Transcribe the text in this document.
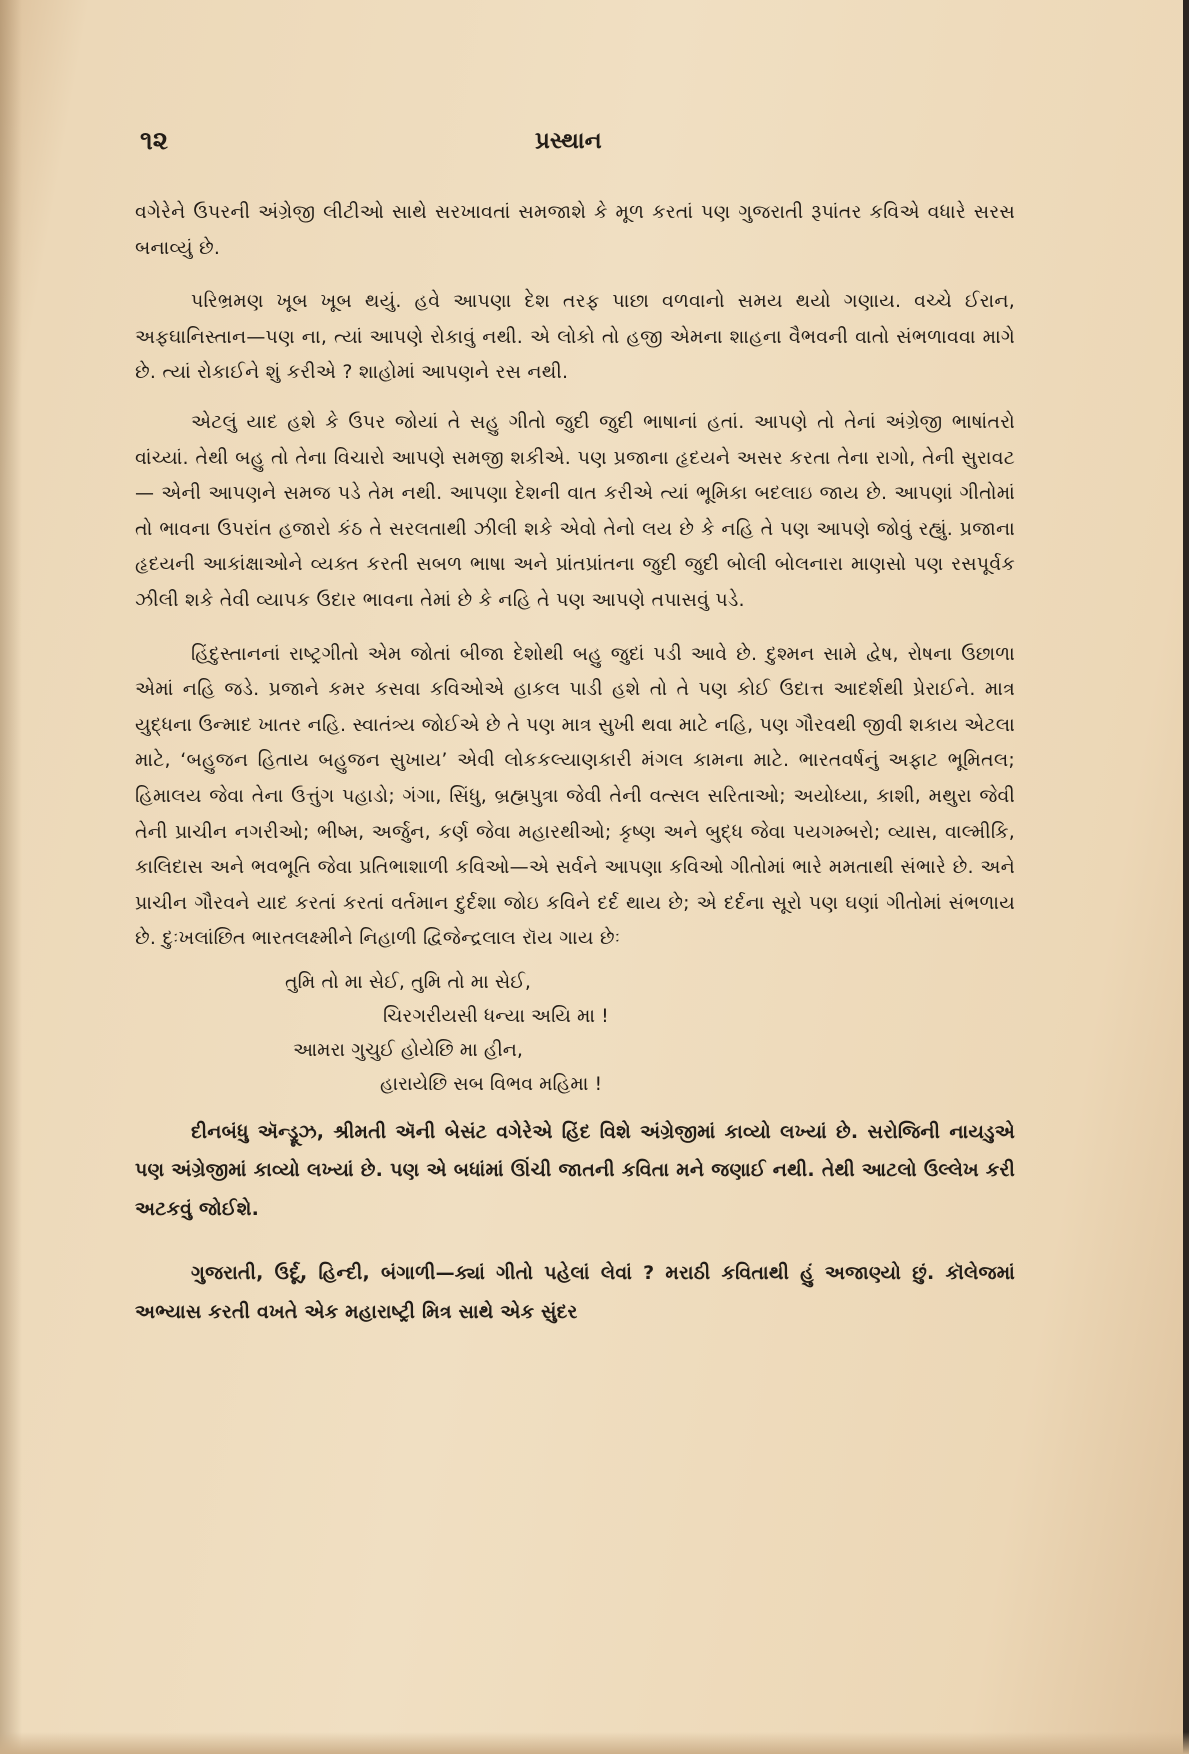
૧૨	પ્રસ્થાન

વગેરેને ઉપરની અંગ્રેજી લીટીઓ સાથે સરખાવતાં સમજાશે કે મૂળ કરતાં પણ ગુજરાતી રૂપાંતર કવિએ વધારે સરસ બનાવ્યું છે.

પરિભ્રમણ ખૂબ ખૂબ થયું. હવે આપણા દેશ તરફ પાછા વળવાનો સમય થયો ગણાય. વચ્ચે ઈરાન, અફઘાનિસ્તાન—પણ ના, ત્યાં આપણે રોકાવું નથી. એ લોકો તો હજી એમના શાહના વૈભવની વાતો સંભળાવવા માગે છે. ત્યાં રોકાઈને શું કરીએ ? શાહોમાં આપણને રસ નથી.

એટલું યાદ હશે કે ઉપર જોયાં તે સહુ ગીતો જુદી જુદી ભાષાનાં હતાં. આપણે તો તેનાં અંગ્રેજી ભાષાંતરો વાંચ્યાં. તેથી બહુ તો તેના વિચારો આપણે સમજી શકીએ. પણ પ્રજાના હૃદયને અસર કરતા તેના રાગો, તેની સુરાવટ — એની આપણને સમજ પડે તેમ નથી. આપણા દેશની વાત કરીએ ત્યાં ભૂમિકા બદલાઇ જાય છે. આપણાં ગીતોમાં તો ભાવના ઉપરાંત હજારો કંઠ તે સરલતાથી ઝીલી શકે એવો તેનો લય છે કે નહિ તે પણ આપણે જોવું રહ્યું. પ્રજાના હૃદયની આકાંક્ષાઓને વ્યક્ત કરતી સબળ ભાષા અને પ્રાંતપ્રાંતના જુદી જુદી બોલી બોલનારા માણસો પણ રસપૂર્વક ઝીલી શકે તેવી વ્યાપક ઉદાર ભાવના તેમાં છે કે નહિ તે પણ આપણે તપાસવું પડે.

હિંદુસ્તાનનાં રાષ્ટ્રગીતો એમ જોતાં બીજા દેશોથી બહુ જુદાં પડી આવે છે. દુશ્મન સામે દ્વેષ, રોષના ઉછાળા એમાં નહિ જડે. પ્રજાને કમર કસવા કવિઓએ હાકલ પાડી હશે તો તે પણ કોઈ ઉદાત્ત આદર્શથી પ્રેરાઈને. માત્ર યુદ્ધના ઉન્માદ ખાતર નહિ. સ્વાતંત્ર્ય જોઈએ છે તે પણ માત્ર સુખી થવા માટે નહિ, પણ ગૌરવથી જીવી શકાય એટલા માટે, ‘બહુજન હિતાય બહુજન સુખાય’ એવી લોકકલ્યાણકારી મંગલ કામના માટે. ભારતવર્ષનું અફાટ ભૂમિતલ; હિમાલય જેવા તેના ઉત્તુંગ પહાડો; ગંગા, સિંધુ, બ્રહ્મપુત્રા જેવી તેની વત્સલ સરિતાઓ; અયોધ્યા, કાશી, મથુરા જેવી તેની પ્રાચીન નગરીઓ; ભીષ્મ, અર્જુન, કર્ણ જેવા મહારથીઓ; કૃષ્ણ અને બુદ્ધ જેવા પયગમ્બરો; વ્યાસ, વાલ્મીકિ, કાલિદાસ અને ભવભૂતિ જેવા પ્રતિભાશાળી કવિઓ—એ સર્વને આપણા કવિઓ ગીતોમાં ભારે મમતાથી સંભારે છે. અને પ્રાચીન ગૌરવને યાદ કરતાં કરતાં વર્તમાન દુર્દશા જોઇ કવિને દર્દ થાય છે; એ દર્દના સૂરો પણ ઘણાં ગીતોમાં સંભળાય છે. દુઃખલાંછિત ભારતલક્ષ્મીને નિહાળી દ્વિજેન્દ્રલાલ રૉય ગાય છેઃ

તુમિ તો મા સેઈ, તુમિ તો મા સેઈ,
ચિરગરીયસી ધન્યા અયિ મા !
આમરા ગુચુઈ હોયેછિ મા હીન,
હારાયેછિ સબ વિભવ મહિમા !

દીનબંધુ ઍન્ડ્રૂઝ, શ્રીમતી ઍની બેસંટ વગેરેએ હિંદ વિશે અંગ્રેજીમાં કાવ્યો લખ્યાં છે. સરોજિની નાયડુએ પણ અંગ્રેજીમાં કાવ્યો લખ્યાં છે. પણ એ બધાંમાં ઊંચી જાતની કવિતા મને જણાઈ નથી. તેથી આટલો ઉલ્લેખ કરી અટકવું જોઈશે.

ગુજરાતી, ઉર્દૂ, હિન્દી, બંગાળી—ક્યાં ગીતો પહેલાં લેવાં ? મરાઠી કવિતાથી હું અજાણ્યો છું. કૉલેજમાં અભ્યાસ કરતી વખતે એક મહારાષ્ટ્રી મિત્ર સાથે એક સુંદર
